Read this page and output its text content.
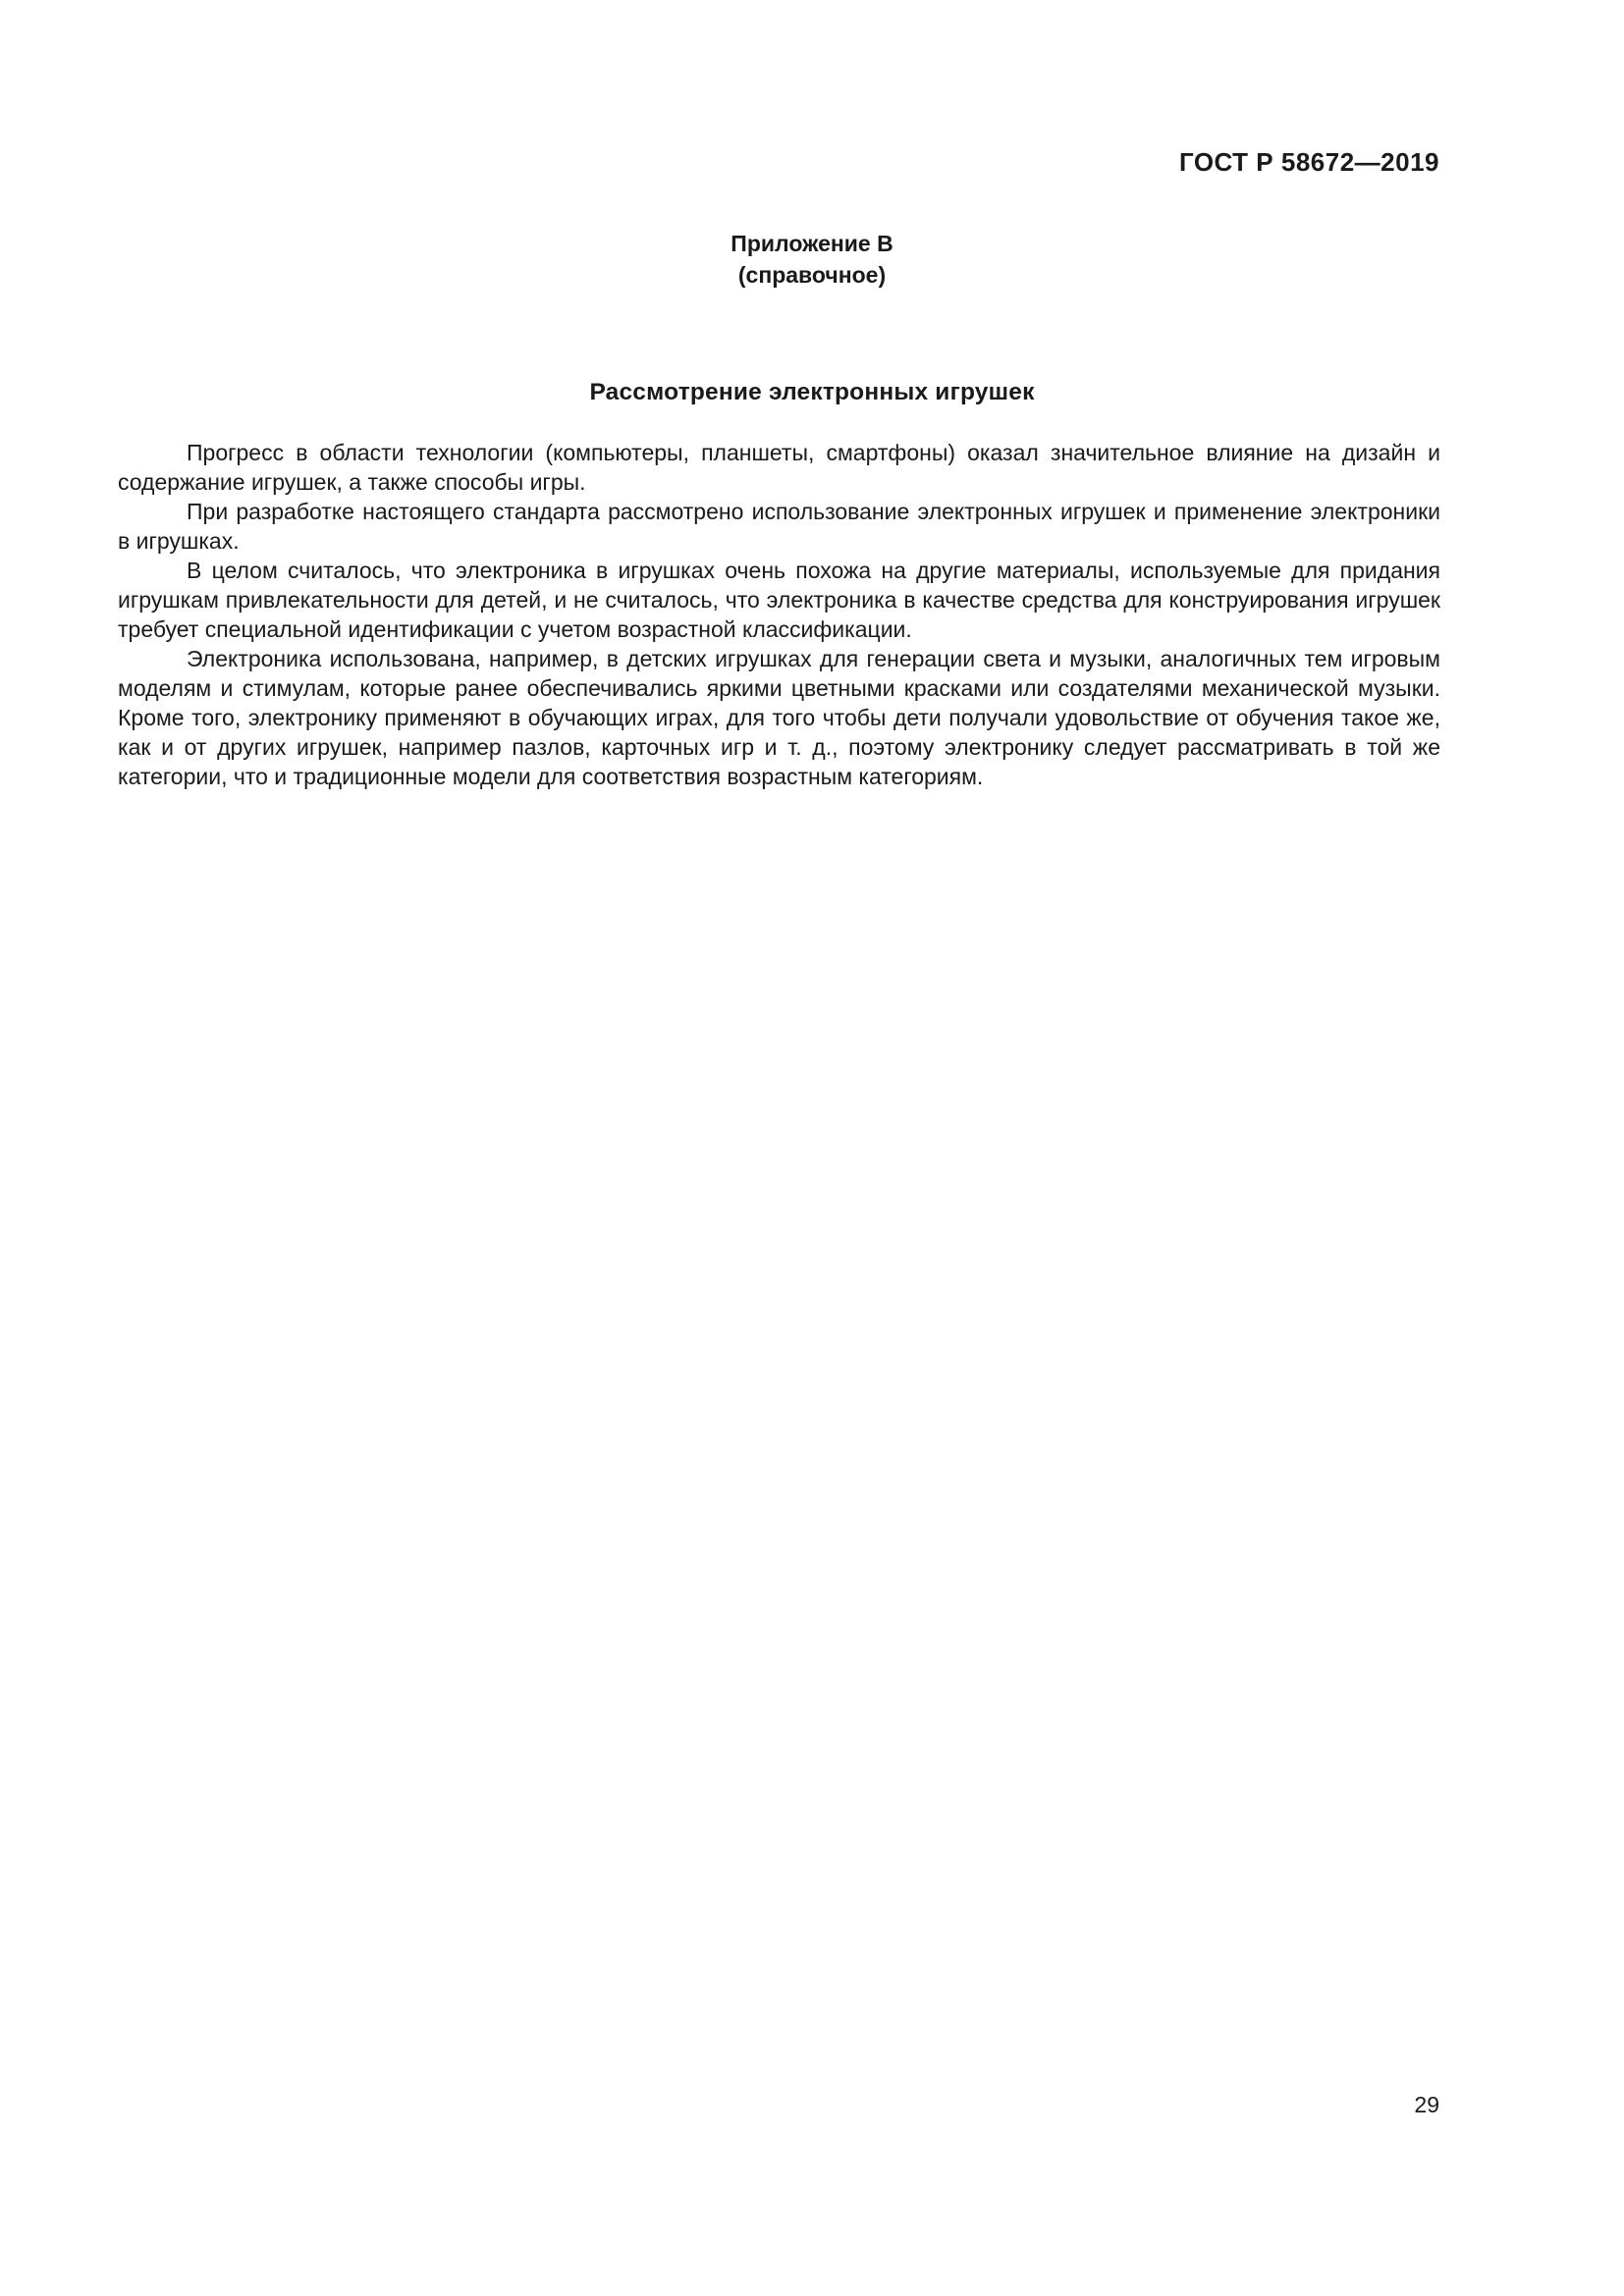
ГОСТ Р 58672—2019
Приложение В
(справочное)
Рассмотрение электронных игрушек

Прогресс в области технологии (компьютеры, планшеты, смартфоны) оказал значительное влияние на дизайн и содержание игрушек, а также способы игры.

При разработке настоящего стандарта рассмотрено использование электронных игрушек и применение электроники в игрушках.

В целом считалось, что электроника в игрушках очень похожа на другие материалы, используемые для придания игрушкам привлекательности для детей, и не считалось, что электроника в качестве средства для конструирования игрушек требует специальной идентификации с учетом возрастной классификации.

Электроника использована, например, в детских игрушках для генерации света и музыки, аналогичных тем игровым моделям и стимулам, которые ранее обеспечивались яркими цветными красками или создателями механической музыки. Кроме того, электронику применяют в обучающих играх, для того чтобы дети получали удовольствие от обучения такое же, как и от других игрушек, например пазлов, карточных игр и т. д., поэтому электронику следует рассматривать в той же категории, что и традиционные модели для соответствия возрастным категориям.

29
